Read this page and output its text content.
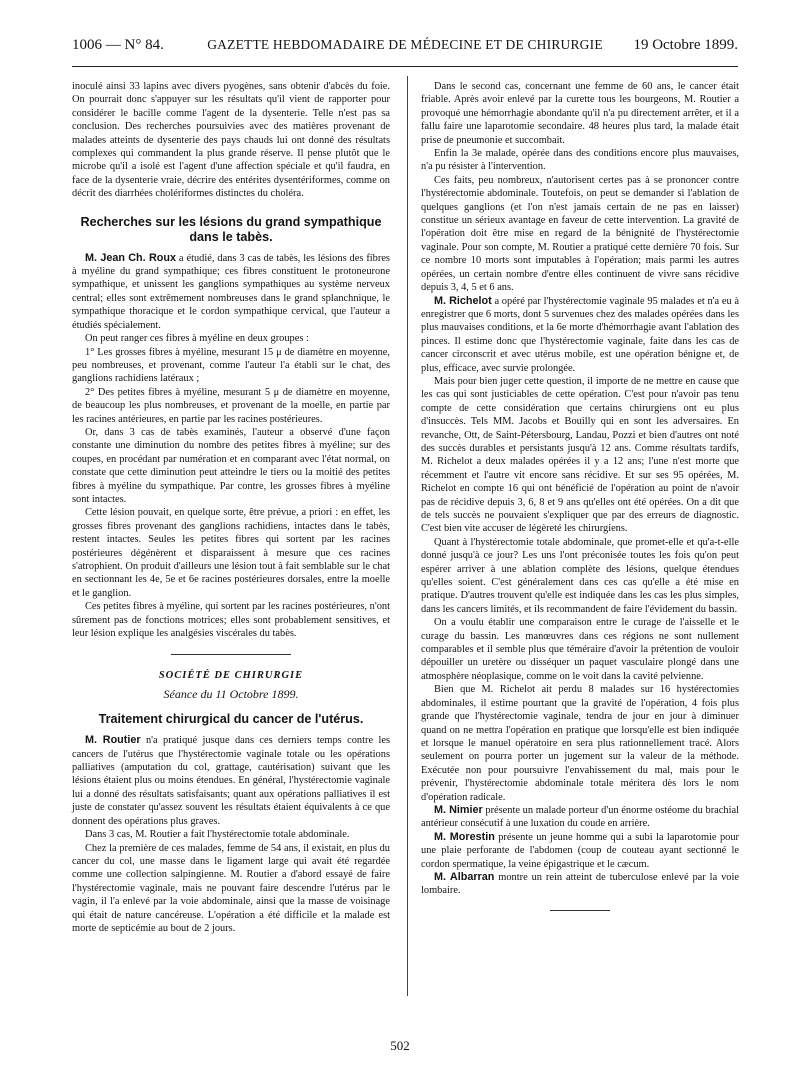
1006 — N° 84.	GAZETTE HEBDOMADAIRE DE MÉDECINE ET DE CHIRURGIE	19 Octobre 1899.

inoculé ainsi 33 lapins avec divers pyogènes, sans obtenir d'abcès du foie. On pourrait donc s'appuyer sur les résultats qu'il vient de rapporter pour considérer le bacille comme l'agent de la dysenterie. Telle n'est pas sa conclusion. Des recherches poursuivies avec des matières provenant de malades atteints de dysenterie des pays chauds lui ont donné des résultats complexes qui commandent la plus grande réserve. Il pense plutôt que le microbe qu'il a isolé est l'agent d'une affection spéciale et qu'il faudra, en face de la dysenterie vraie, décrire des entérites dysentériformes, comme on décrit des diarrhées cholériformes distinctes du choléra.

Recherches sur les lésions du grand sympathique dans le tabès.

M. Jean Ch. Roux a étudié, dans 3 cas de tabès, les lésions des fibres à myéline du grand sympathique; ces fibres constituent le protoneurone sympathique, et unissent les ganglions sympathiques au système nerveux central; elles sont extrêmement nombreuses dans le grand splanchnique, le sympathique thoracique et le cordon sympathique cervical, que l'auteur a étudiés spécialement.

On peut ranger ces fibres à myéline en deux groupes :

1° Les grosses fibres à myéline, mesurant 15 μ de diamètre en moyenne, peu nombreuses, et provenant, comme l'auteur l'a établi sur le chat, des ganglions rachidiens latéraux ;

2° Des petites fibres à myéline, mesurant 5 μ de diamètre en moyenne, de beaucoup les plus nombreuses, et provenant de la moelle, en partie par les racines antérieures, en partie par les racines postérieures.

Or, dans 3 cas de tabès examinés, l'auteur a observé d'une façon constante une diminution du nombre des petites fibres à myéline; sur des coupes, en procédant par numération et en comparant avec l'état normal, on constate que cette diminution peut atteindre le tiers ou la moitié des petites fibres à myéline du sympathique. Par contre, les grosses fibres à myéline sont intactes.

Cette lésion pouvait, en quelque sorte, être prévue, a priori : en effet, les grosses fibres provenant des ganglions rachidiens, intactes dans le tabès, restent intactes. Seules les petites fibres qui sortent par les racines postérieures dégénèrent et disparaissent à mesure que ces racines s'atrophient. On produit d'ailleurs une lésion tout à fait semblable sur le chat en sectionnant les 4e, 5e et 6e racines postérieures dorsales, entre la moelle et le ganglion.

Ces petites fibres à myéline, qui sortent par les racines postérieures, n'ont sûrement pas de fonctions motrices; elles sont probablement sensitives, et leur lésion explique les analgésies viscérales du tabès.

SOCIÉTÉ DE CHIRURGIE
Séance du 11 Octobre 1899.
Traitement chirurgical du cancer de l'utérus.

M. Routier n'a pratiqué jusque dans ces derniers temps contre les cancers de l'utérus que l'hystérectomie vaginale totale ou les opérations palliatives (amputation du col, grattage, cautérisation) suivant que les lésions étaient plus ou moins étendues. En général, l'hystérectomie vaginale lui a donné des résultats satisfaisants; quant aux opérations palliatives il est juste de constater qu'assez souvent les résultats étaient équivalents à ce que donnent des opérations plus graves.

Dans 3 cas, M. Routier a fait l'hystérectomie totale abdominale.

Chez la première de ces malades, femme de 54 ans, il existait, en plus du cancer du col, une masse dans le ligament large qui avait été regardée comme une collection salpingienne. M. Routier a d'abord essayé de faire l'hystérectomie vaginale, mais ne pouvant faire descendre l'utérus par le vagin, il l'a enlevé par la voie abdominale, ainsi que la masse de voisinage qui était de nature cancéreuse. L'opération a été difficile et la malade est morte de septicémie au bout de 2 jours.

Dans le second cas, concernant une femme de 60 ans, le cancer était friable. Après avoir enlevé par la curette tous les bourgeons, M. Routier a provoqué une hémorrhagie abondante qu'il n'a pu directement arrêter, et il a fallu faire une laparotomie secondaire. 48 heures plus tard, la malade était prise de pneumonie et succombait.

Enfin la 3e malade, opérée dans des conditions encore plus mauvaises, n'a pu résister à l'intervention.

Ces faits, peu nombreux, n'autorisent certes pas à se prononcer contre l'hystérectomie abdominale. Toutefois, on peut se demander si l'ablation de quelques ganglions (et l'on n'est jamais certain de ne pas en laisser) constitue un sérieux avantage en faveur de cette intervention. La gravité de l'opération doit être mise en regard de la bénignité de l'hystérectomie vaginale. Pour son compte, M. Routier a pratiqué cette dernière 70 fois. Sur ce nombre 10 morts sont imputables à l'opération; mais parmi les autres opérées, un certain nombre d'entre elles continuent de vivre sans récidive depuis 3, 4, 5 et 6 ans.

M. Richelot a opéré par l'hystérectomie vaginale 95 malades et n'a eu à enregistrer que 6 morts, dont 5 survenues chez des malades opérées dans les plus mauvaises conditions, et la 6e morte d'hémorrhagie avant l'ablation des pinces. Il estime donc que l'hystérectomie vaginale, faite dans les cas de cancer circonscrit et avec utérus mobile, est une opération bénigne et, de plus, efficace, avec survie prolongée.

Mais pour bien juger cette question, il importe de ne mettre en cause que les cas qui sont justiciables de cette opération. C'est pour n'avoir pas tenu compte de cette considération que certains chirurgiens ont eu plus d'insuccès. Tels MM. Jacobs et Bouilly qui en sont les adversaires. En revanche, Ott, de Saint-Pétersbourg, Landau, Pozzi et bien d'autres ont noté des succès durables et persistants jusqu'à 12 ans. Comme résultats tardifs, M. Richelot a deux malades opérées il y a 12 ans; l'une n'est morte que récemment et l'autre vit encore sans récidive. Et sur ses 95 opérées, M. Richelot en compte 16 qui ont bénéficié de l'opération au point de n'avoir pas de récidive depuis 3, 6, 8 et 9 ans qu'elles ont été opérées. On a dit que de tels succès ne pouvaient s'expliquer que par des erreurs de diagnostic. C'est bien vite accuser de légèreté les chirurgiens.

Quant à l'hystérectomie totale abdominale, que promet-elle et qu'a-t-elle donné jusqu'à ce jour? Les uns l'ont préconisée toutes les fois qu'on peut espérer arriver à une ablation complète des lésions, quelque étendues qu'elles soient. C'est généralement dans ces cas qu'elle a été mise en pratique. D'autres trouvent qu'elle est indiquée dans les cas les plus simples, dans les cancers limités, et ils recommandent de faire l'évidement du bassin.

On a voulu établir une comparaison entre le curage de l'aisselle et le curage du bassin. Les manœuvres dans ces régions ne sont nullement comparables et il semble plus que téméraire d'avoir la prétention de vouloir dépouiller un uretère ou disséquer un paquet vasculaire plongé dans une atmosphère néoplasique, comme on le voit dans la cavité pelvienne.

Bien que M. Richelot ait perdu 8 malades sur 16 hystérectomies abdominales, il estime pourtant que la gravité de l'opération, 4 fois plus grande que l'hystérectomie vaginale, tendra de jour en jour à diminuer quand on ne mettra l'opération en pratique que lorsqu'elle est bien indiquée et lorsque le manuel opératoire en sera plus rationnellement tracé. Alors seulement on pourra porter un jugement sur la valeur de la méthode. Exécutée non pour poursuivre l'envahissement du mal, mais pour le prévenir, l'hystérectomie abdominale totale méritera dès lors le nom d'opération radicale.

M. Nimier présente un malade porteur d'un énorme ostéome du brachial antérieur consécutif à une luxation du coude en arrière.

M. Morestin présente un jeune homme qui a subi la laparotomie pour une plaie perforante de l'abdomen (coup de couteau ayant sectionné le cordon spermatique, la veine épigastrique et le cæcum.

M. Albarran montre un rein atteint de tuberculose enlevé par la voie lombaire.

502
